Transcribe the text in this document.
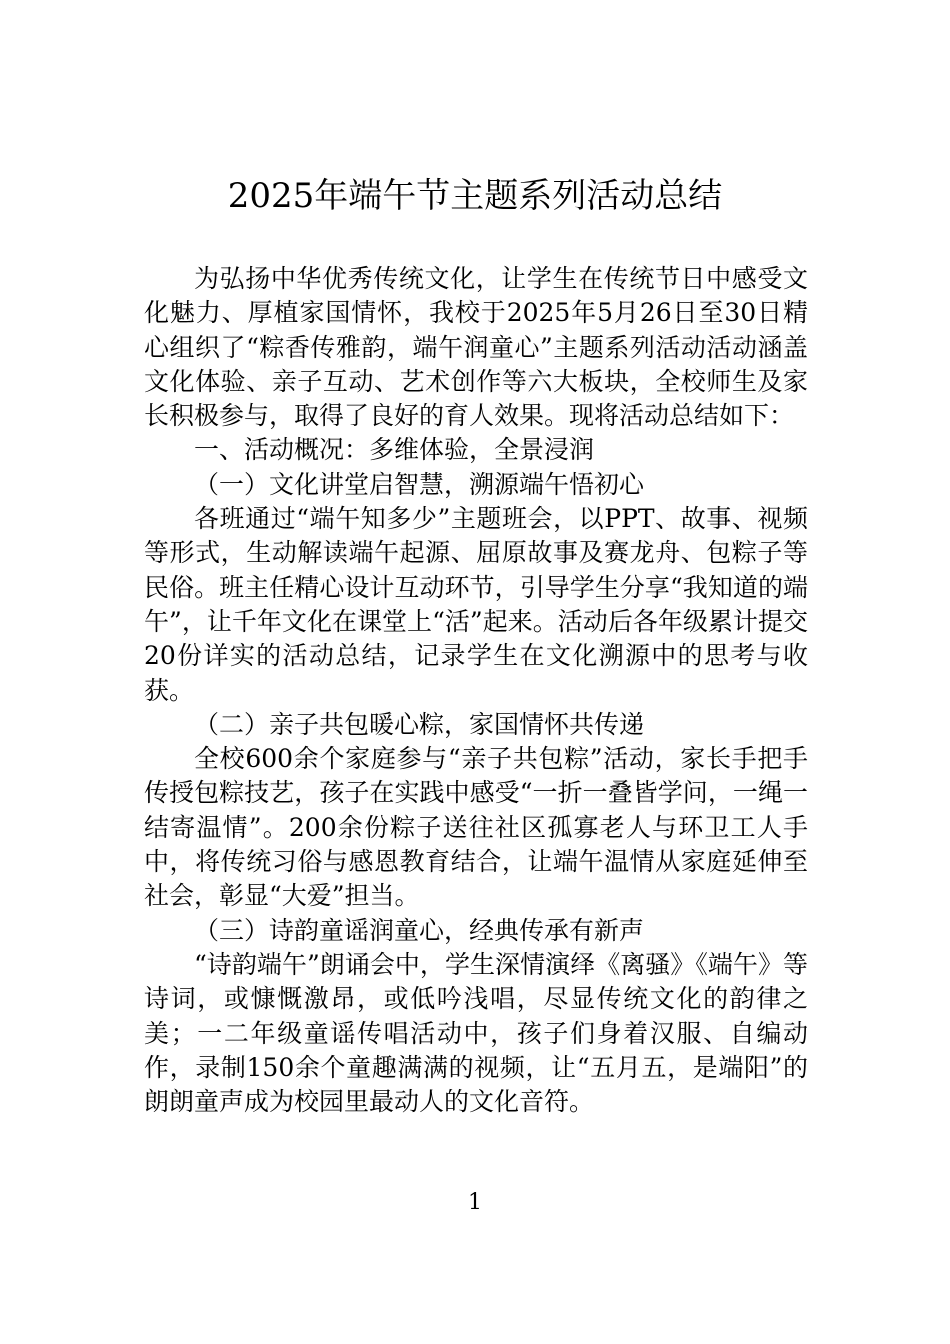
2025年端午节主题系列活动总结

为弘扬中华优秀传统文化，让学生在传统节日中感受文化魅力、厚植家国情怀，我校于2025年5月26日至30日精心组织了“粽香传雅韵，端午润童心”主题系列活动活动涵盖文化体验、亲子互动、艺术创作等六大板块，全校师生及家长积极参与，取得了良好的育人效果。现将活动总结如下：

一、活动概况：多维体验，全景浸润

（一）文化讲堂启智慧，溯源端午悟初心

各班通过“端午知多少”主题班会，以PPT、故事、视频等形式，生动解读端午起源、屈原故事及赛龙舟、包粽子等民俗。班主任精心设计互动环节，引导学生分享“我知道的端午”，让千年文化在课堂上“活”起来。活动后各年级累计提交20份详实的活动总结，记录学生在文化溯源中的思考与收获。

（二）亲子共包暖心粽，家国情怀共传递

全校600余个家庭参与“亲子共包粽”活动，家长手把手传授包粽技艺，孩子在实践中感受“一折一叠皆学问，一绳一结寄温情”。200余份粽子送往社区孤寡老人与环卫工人手中，将传统习俗与感恩教育结合，让端午温情从家庭延伸至社会，彰显“大爱”担当。

（三）诗韵童谣润童心，经典传承有新声

“诗韵端午”朗诵会中，学生深情演绎《离骚》《端午》等诗词，或慷慨激昂，或低吟浅唱，尽显传统文化的韵律之美；一二年级童谣传唱活动中，孩子们身着汉服、自编动作，录制150余个童趣满满的视频，让“五月五，是端阳”的朗朗童声成为校园里最动人的文化音符。

1
